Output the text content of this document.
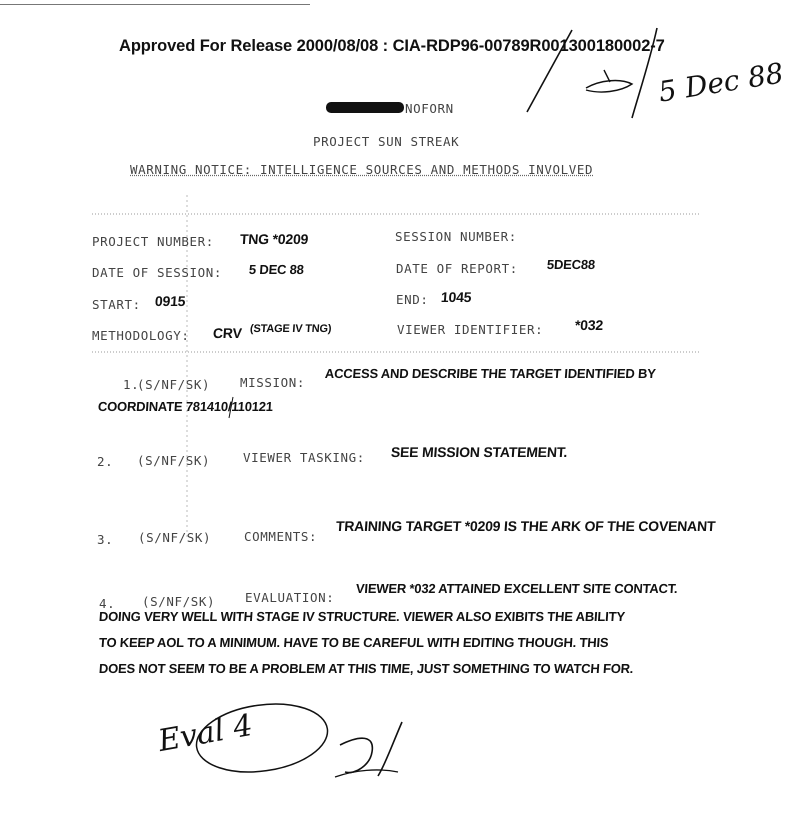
Approved For Release 2000/08/08 : CIA-RDP96-00789R001300180002-7
5 Dec 88
NOFORN
PROJECT SUN STREAK
WARNING NOTICE: INTELLIGENCE SOURCES AND METHODS INVOLVED
PROJECT NUMBER: TNG *0209	SESSION NUMBER:
DATE OF SESSION: 5 DEC 88	DATE OF REPORT: 5DEC88
START: 0915	END: 1045
METHODOLOGY: CRV (STAGE IV TNG)	VIEWER IDENTIFIER: *032
1.
(S/NF/SK) MISSION:
ACCESS AND DESCRIBE THE TARGET IDENTIFIED BY
COORDINATE 781410/110121
2. (S/NF/SK)	VIEWER TASKING: SEE MISSION STATEMENT.
3. (S/NF/SK)	COMMENTS:
TRAINING TARGET *0209 IS THE ARK OF THE COVENANT
4. (S/NF/SK) EVALUATION:
VIEWER *032 ATTAINED EXCELLENT SITE CONTACT.
DOING VERY WELL WITH STAGE IV STRUCTURE. VIEWER ALSO EXIBITS THE ABILITY
TO KEEP AOL TO A MINIMUM. HAVE TO BE CAREFUL WITH EDITING THOUGH. THIS
DOES NOT SEEM TO BE A PROBLEM AT THIS TIME, JUST SOMETHING TO WATCH FOR.
Eval 4
